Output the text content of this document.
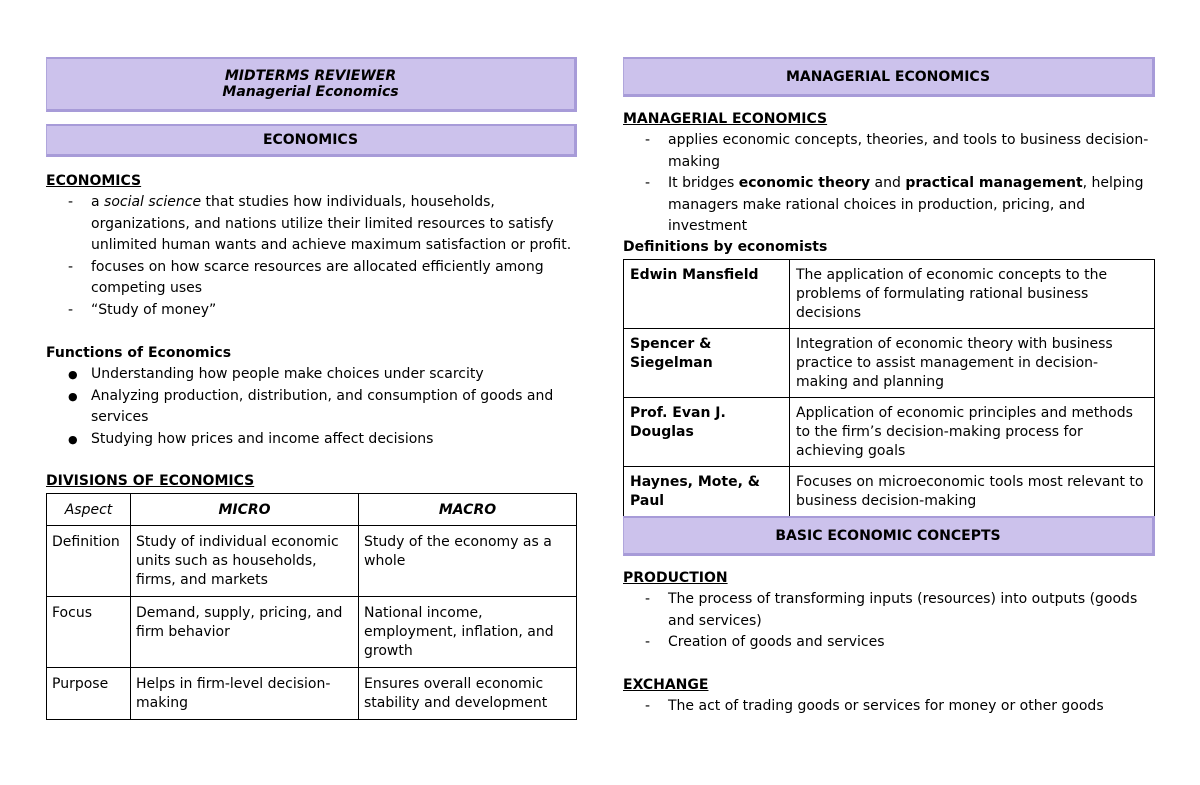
MIDTERMS REVIEWER
Managerial Economics
ECONOMICS
ECONOMICS
- a social science that studies how individuals, households,
organizations, and nations utilize their limited resources to satisfy unlimited human wants and achieve maximum satisfaction or profit.
- focuses on how scarce resources are allocated efficiently among competing uses
- “Study of money”
Functions of Economics
● Understanding how people make choices under scarcity
● Analyzing production, distribution, and consumption of goods and services
● Studying how prices and income affect decisions
DIVISIONS OF ECONOMICS
Aspect	MICRO	MACRO
Definition	Study of individual economic units such as households, firms, and markets	Study of the economy as a whole
Focus	Demand, supply, pricing, and firm behavior	National income, employment, inflation, and growth
Purpose	Helps in firm-level decision-making	Ensures overall economic stability and development
MANAGERIAL ECONOMICS
MANAGERIAL ECONOMICS
- applies economic concepts, theories, and tools to business decision-making
- It bridges economic theory and practical management, helping managers make rational choices in production, pricing, and investment
Definitions by economists
Edwin Mansfield	The application of economic concepts to the problems of formulating rational business decisions
Spencer & Siegelman	Integration of economic theory with business practice to assist management in decision-making and planning
Prof. Evan J. Douglas	Application of economic principles and methods to the firm’s decision-making process for achieving goals
Haynes, Mote, & Paul	Focuses on microeconomic tools most relevant to business decision-making
BASIC ECONOMIC CONCEPTS
PRODUCTION
- The process of transforming inputs (resources) into outputs (goods and services)
- Creation of goods and services
EXCHANGE
- The act of trading goods or services for money or other goods
